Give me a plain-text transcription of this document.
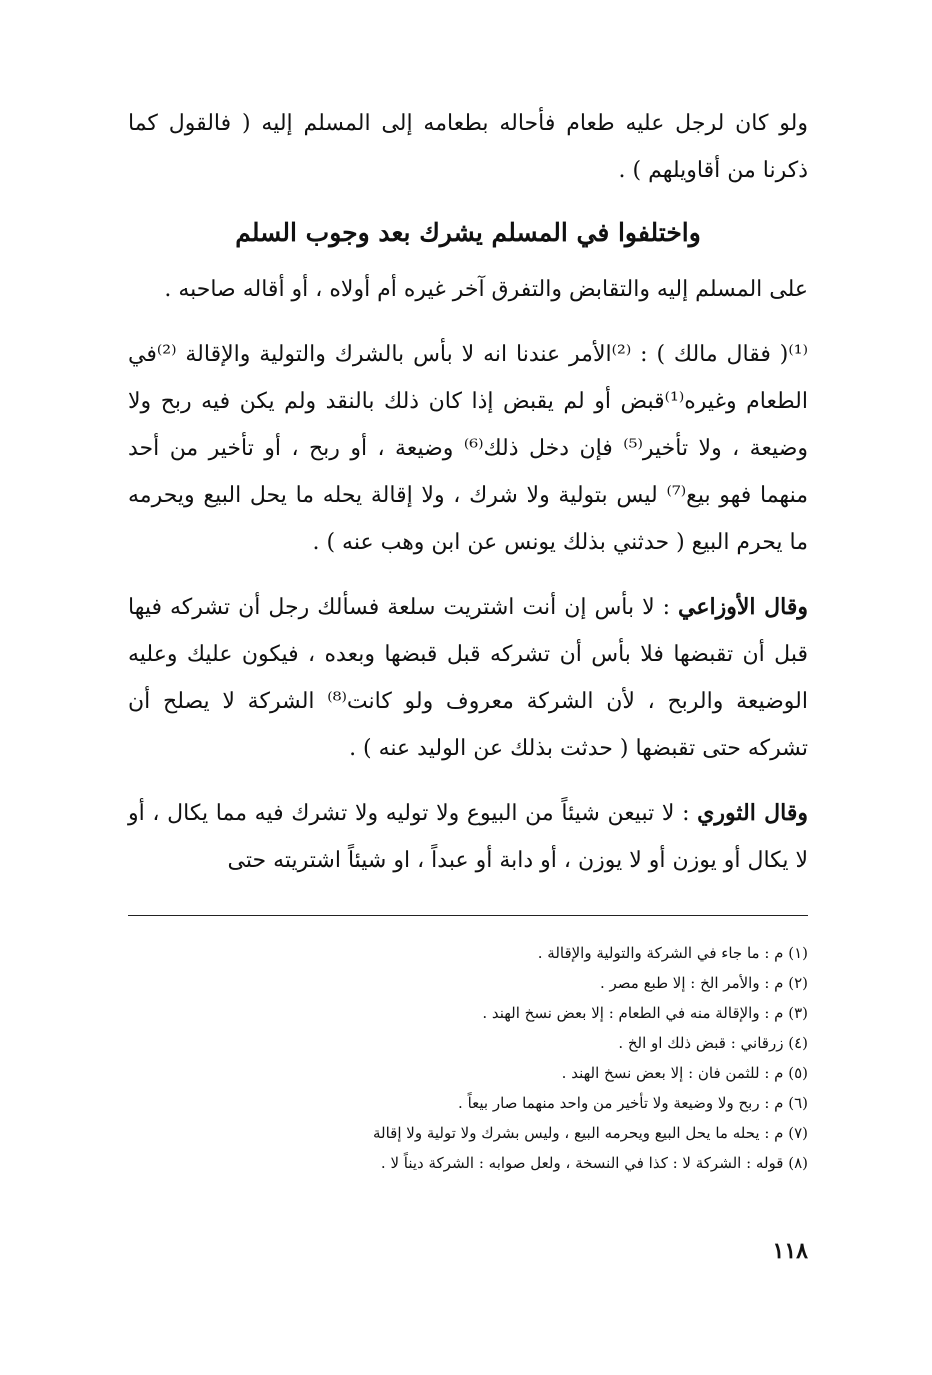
ولو كان لرجل عليه طعام فأحاله بطعامه إلى المسلم إليه ( فالقول كما ذكرنا من أقاويلهم ) .

واختلفوا في المسلم يشرك بعد وجوب السلم

على المسلم إليه والتقابض والتفرق آخر غيره أم أولاه ، أو أقاله صاحبه .

⁽¹⁾( فقال مالك ) : ⁽²⁾الأمر عندنا انه لا بأس بالشرك والتولية والإقالة ⁽²⁾في الطعام وغيره⁽¹⁾قبض أو لم يقبض إذا كان ذلك بالنقد ولم يكن فيه ربح ولا وضيعة ، ولا تأخير⁽⁵⁾ فإن دخل ذلك⁽⁶⁾ وضيعة ، أو ربح ، أو تأخير من أحد منهما فهو بيع⁽⁷⁾ ليس بتولية ولا شرك ، ولا إقالة يحله ما يحل البيع ويحرمه ما يحرم البيع ( حدثني بذلك يونس عن ابن وهب عنه ) .

وقال الأوزاعي : لا بأس إن أنت اشتريت سلعة فسألك رجل أن تشركه فيها قبل أن تقبضها فلا بأس أن تشركه قبل قبضها وبعده ، فيكون عليك وعليه الوضيعة والربح ، لأن الشركة معروف ولو كانت⁽⁸⁾ الشركة لا يصلح أن تشركه حتى تقبضها ( حدثت بذلك عن الوليد عنه ) .

وقال الثوري : لا تبيعن شيئاً من البيوع ولا توليه ولا تشرك فيه مما يكال ، أو لا يكال أو يوزن أو لا يوزن ، أو دابة أو عبداً ، او شيئاً اشتريته حتى

(١) م : ما جاء في الشركة والتولية والإقالة .
(٢) م : والأمر الخ : إلا طبع مصر .
(٣) م : والإقالة منه في الطعام : إلا بعض نسخ الهند .
(٤) زرقاني : قبض ذلك او الخ .
(٥) م : للثمن فان : إلا بعض نسخ الهند .
(٦) م : ربح ولا وضيعة ولا تأخير من واحد منهما صار بيعاً .
(٧) م : يحله ما يحل البيع ويحرمه البيع ، وليس بشرك ولا تولية ولا إقالة
(٨) قوله : الشركة لا : كذا في النسخة ، ولعل صوابه : الشركة ديناً لا .
١١٨
